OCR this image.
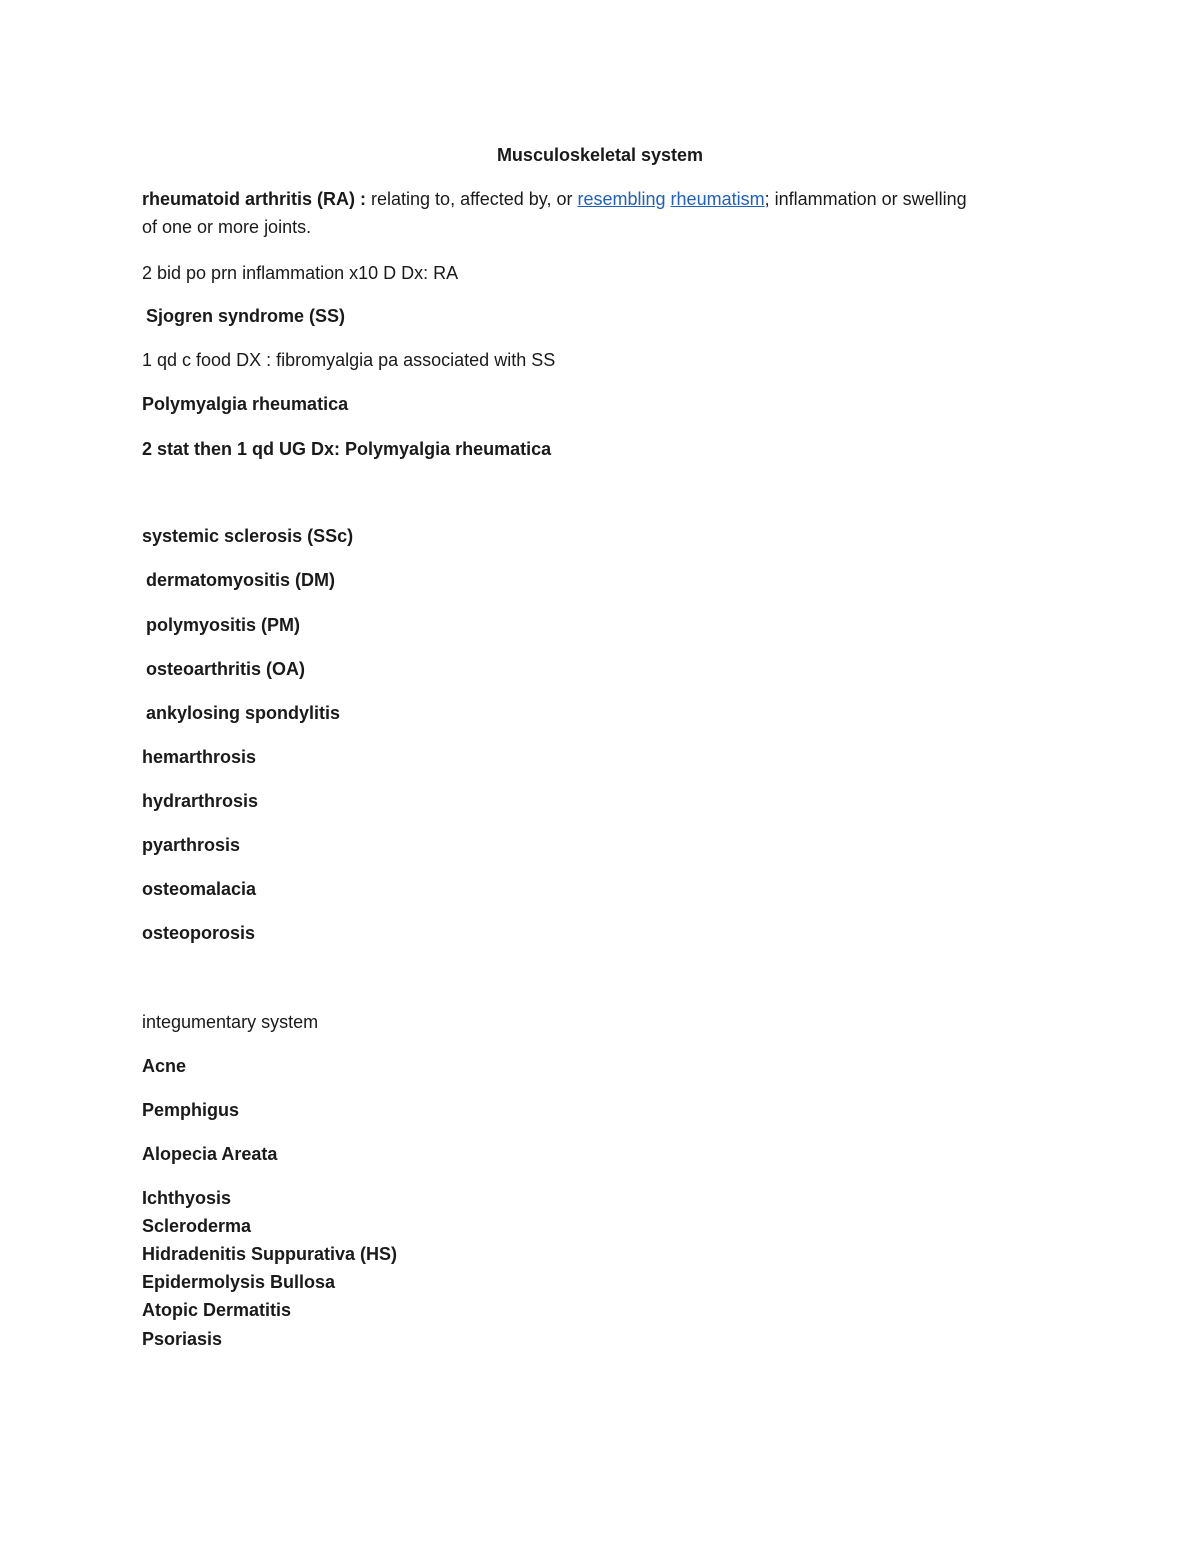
Musculoskeletal system
rheumatoid arthritis (RA) : relating to, affected by, or resembling rheumatism; inflammation or swelling
of one or more joints.
2 bid po prn inflammation x10 D Dx: RA
Sjogren syndrome (SS)
1 qd c food DX : fibromyalgia pa associated with SS
Polymyalgia rheumatica
2 stat then 1 qd UG Dx: Polymyalgia rheumatica
systemic sclerosis (SSc)
dermatomyositis (DM)
polymyositis (PM)
osteoarthritis (OA)
ankylosing spondylitis
hemarthrosis
hydrarthrosis
pyarthrosis
osteomalacia
osteoporosis
integumentary system
Acne
Pemphigus
Alopecia Areata
Ichthyosis
Scleroderma
Hidradenitis Suppurativa (HS)
Epidermolysis Bullosa
Atopic Dermatitis
Psoriasis
